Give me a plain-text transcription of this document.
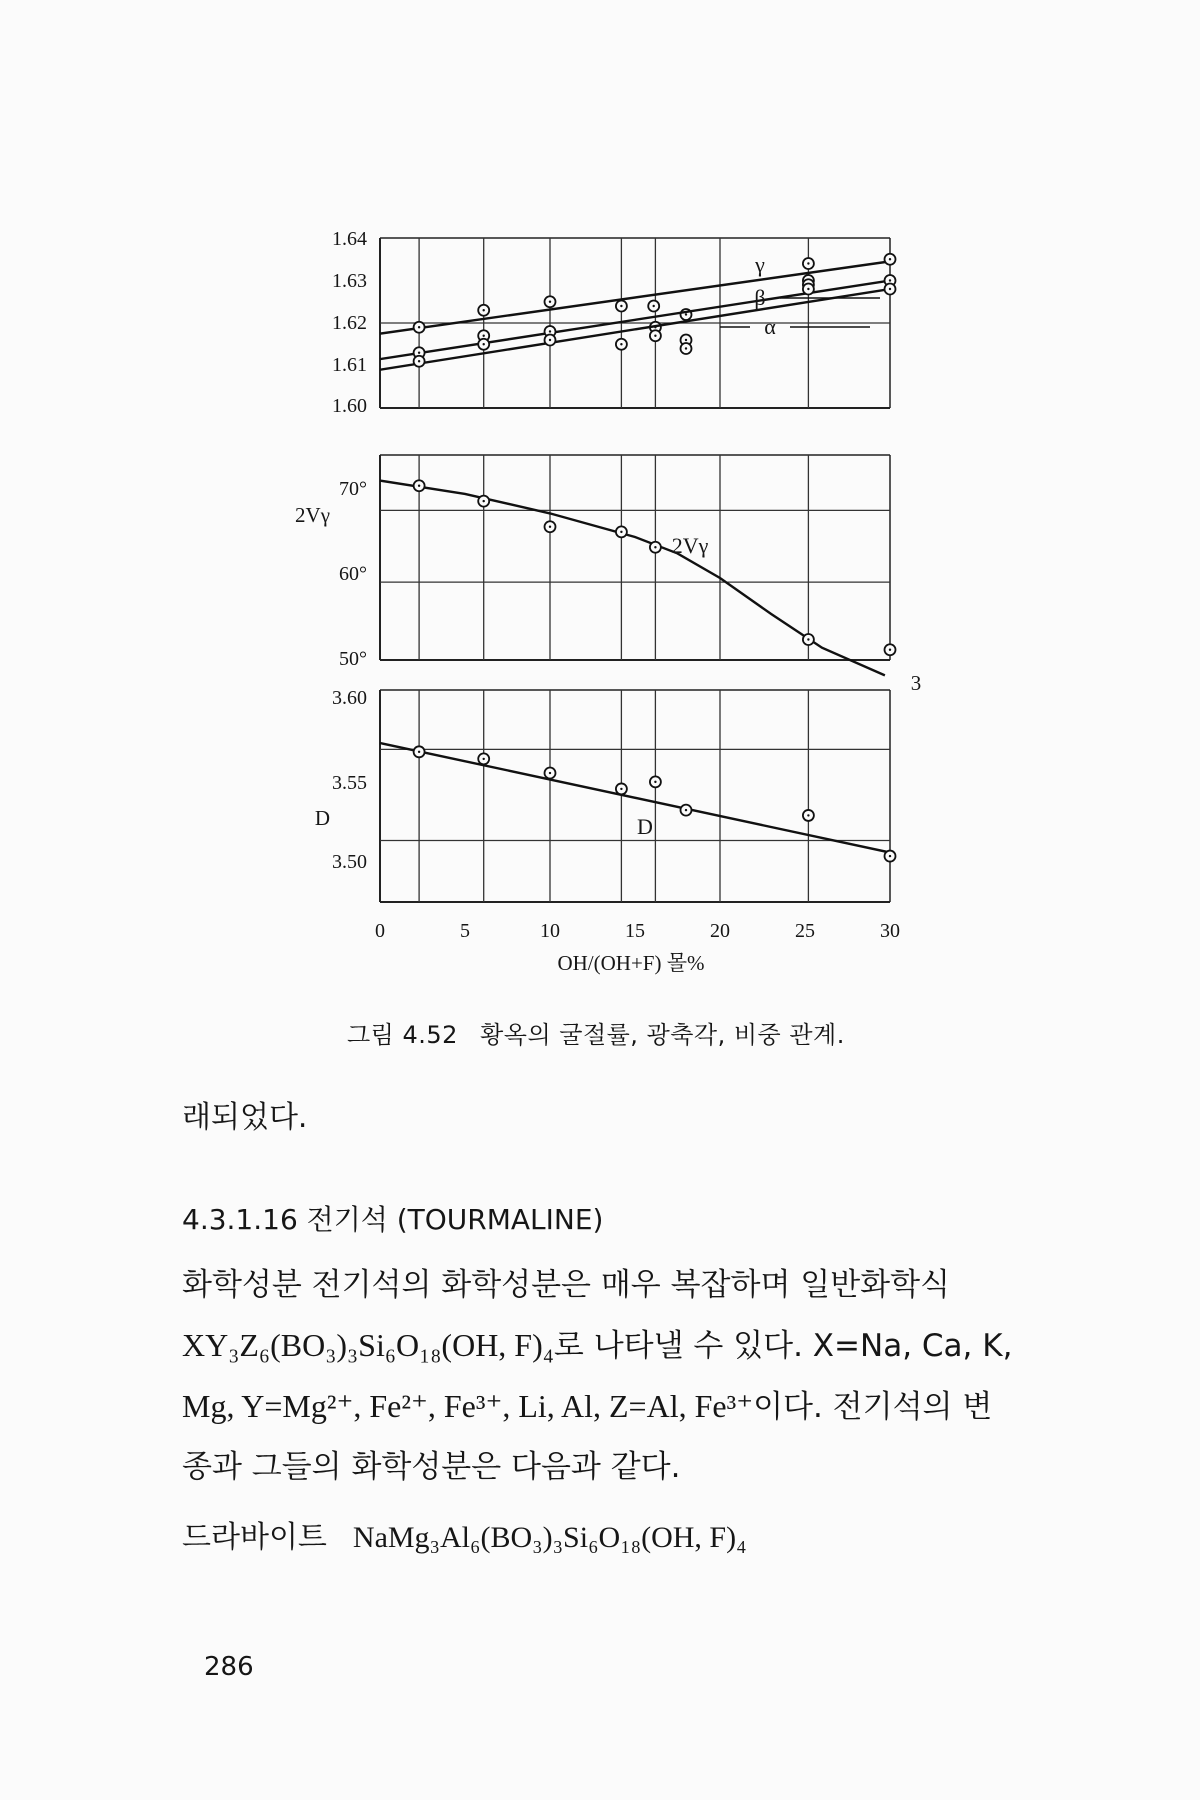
1.64
1.63
1.62
1.61
1.60
70°
60°
50°
3.60
3.55
3.50
γ
β
α
2Vγ
2Vγ
3
D	D
0	5	10	15	20	25	30
OH/(OH+F) 몰%
그림 4.52 황옥의 굴절률, 광축각, 비중 관계.
래되었다.
4.3.1.16 전기석 (TOURMALINE)
화학성분 전기석의 화학성분은 매우 복잡하며 일반화학식
XY₃Z₆(BO₃)₃Si₆O₁₈(OH, F)₄로 나타낼 수 있다. X=Na, Ca, K,
Mg, Y=Mg²⁺, Fe²⁺, Fe³⁺, Li, Al, Z=Al, Fe³⁺이다. 전기석의 변
종과 그들의 화학성분은 다음과 같다.
드라바이트 NaMg₃Al₆(BO₃)₃Si₆O₁₈(OH, F)₄
286
